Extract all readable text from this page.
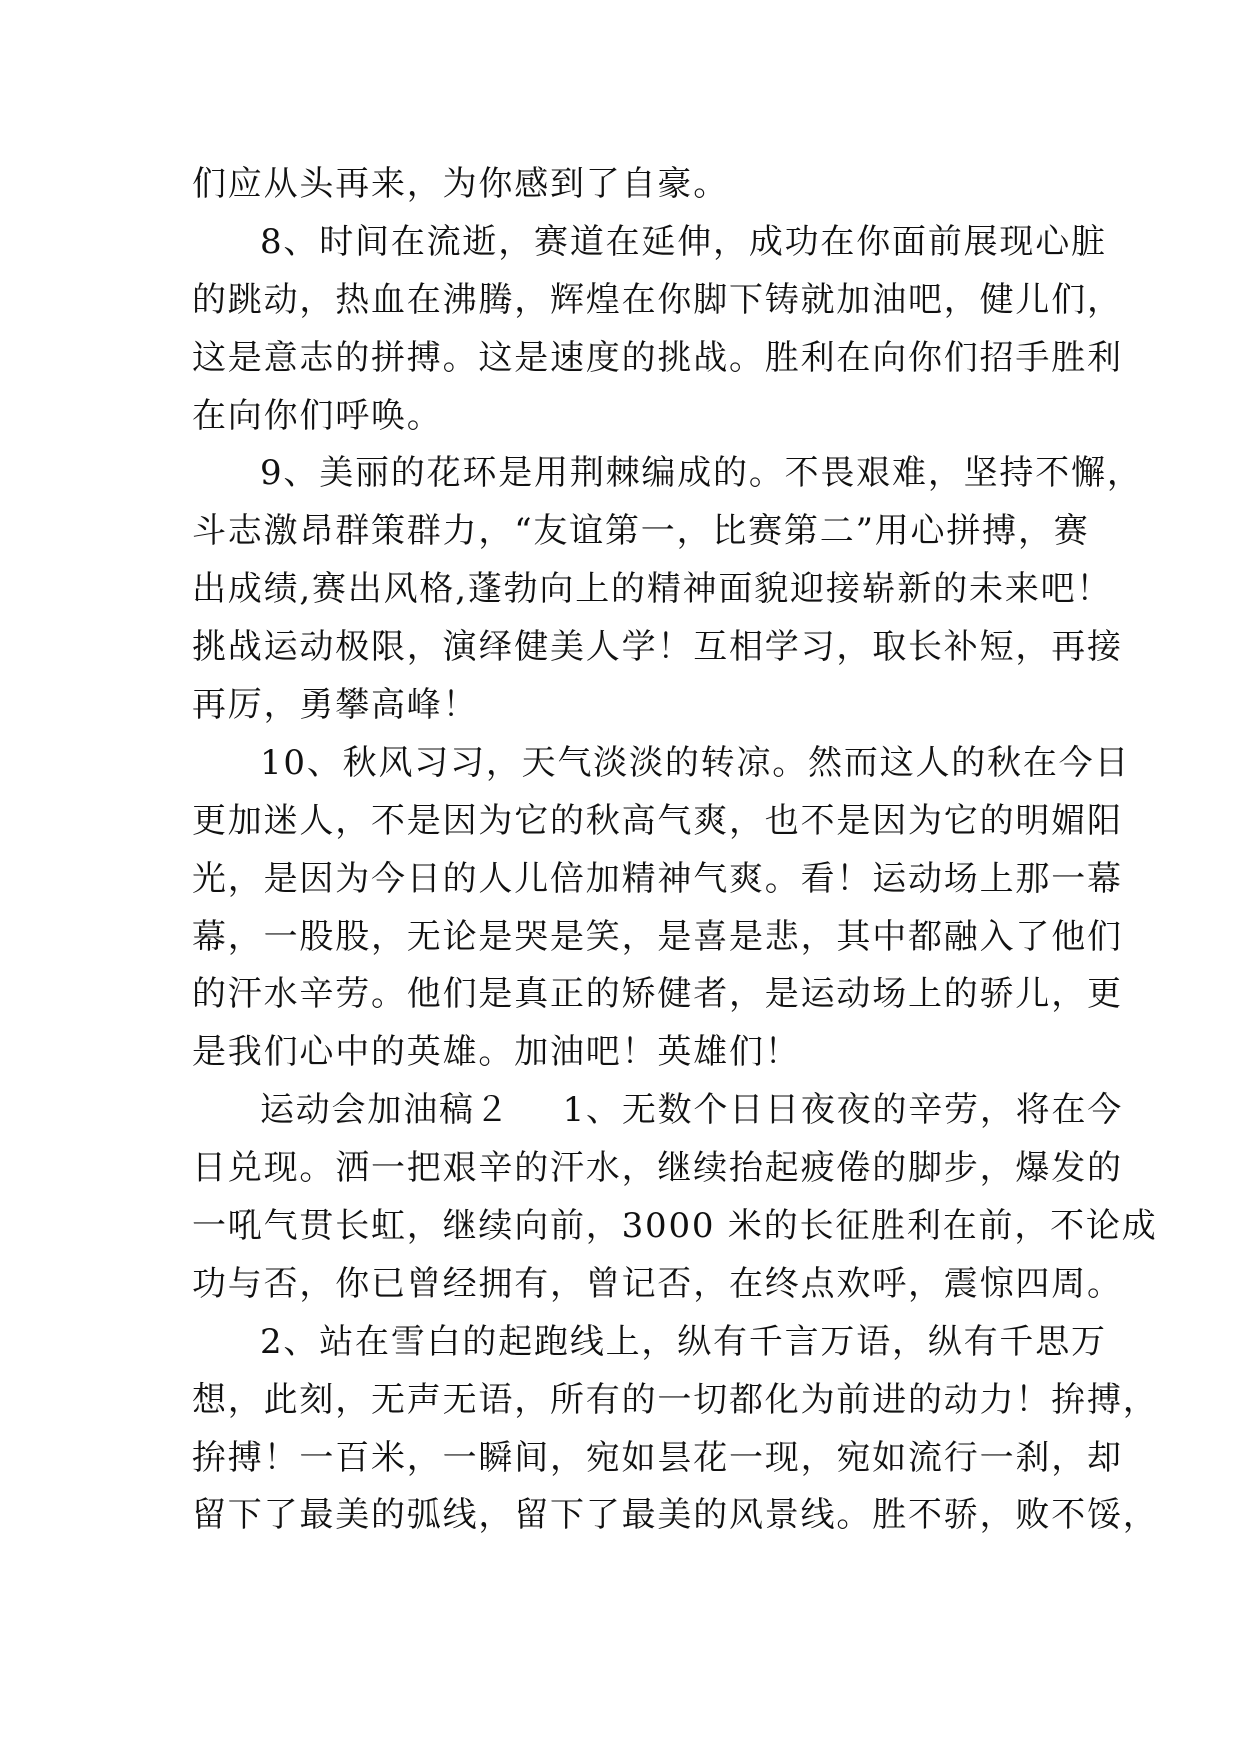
们应从头再来，为你感到了自豪。
8、时间在流逝，赛道在延伸，成功在你面前展现心脏
的跳动，热血在沸腾，辉煌在你脚下铸就加油吧，健儿们，
这是意志的拼搏。这是速度的挑战。胜利在向你们招手胜利
在向你们呼唤。
9、美丽的花环是用荆棘编成的。不畏艰难，坚持不懈，
斗志激昂群策群力，“友谊第一，比赛第二”用心拼搏，赛
出成绩,赛出风格,蓬勃向上的精神面貌迎接崭新的未来吧！
挑战运动极限，演绎健美人学！互相学习，取长补短，再接
再厉，勇攀高峰！
10、秋风习习，天气淡淡的转凉。然而这人的秋在今日
更加迷人，不是因为它的秋高气爽，也不是因为它的明媚阳
光，是因为今日的人儿倍加精神气爽。看！运动场上那一幕
幕，一股股，无论是哭是笑，是喜是悲，其中都融入了他们
的汗水辛劳。他们是真正的矫健者，是运动场上的骄儿，更
是我们心中的英雄。加油吧！英雄们！
运动会加油稿２ 1、无数个日日夜夜的辛劳，将在今
日兑现。洒一把艰辛的汗水，继续抬起疲倦的脚步，爆发的
一吼气贯长虹，继续向前，3000 米的长征胜利在前，不论成
功与否，你已曾经拥有，曾记否，在终点欢呼，震惊四周。
2、站在雪白的起跑线上，纵有千言万语，纵有千思万
想，此刻，无声无语，所有的一切都化为前进的动力！拚搏，
拚搏！一百米，一瞬间，宛如昙花一现，宛如流行一刹，却
留下了最美的弧线，留下了最美的风景线。胜不骄，败不馁，
